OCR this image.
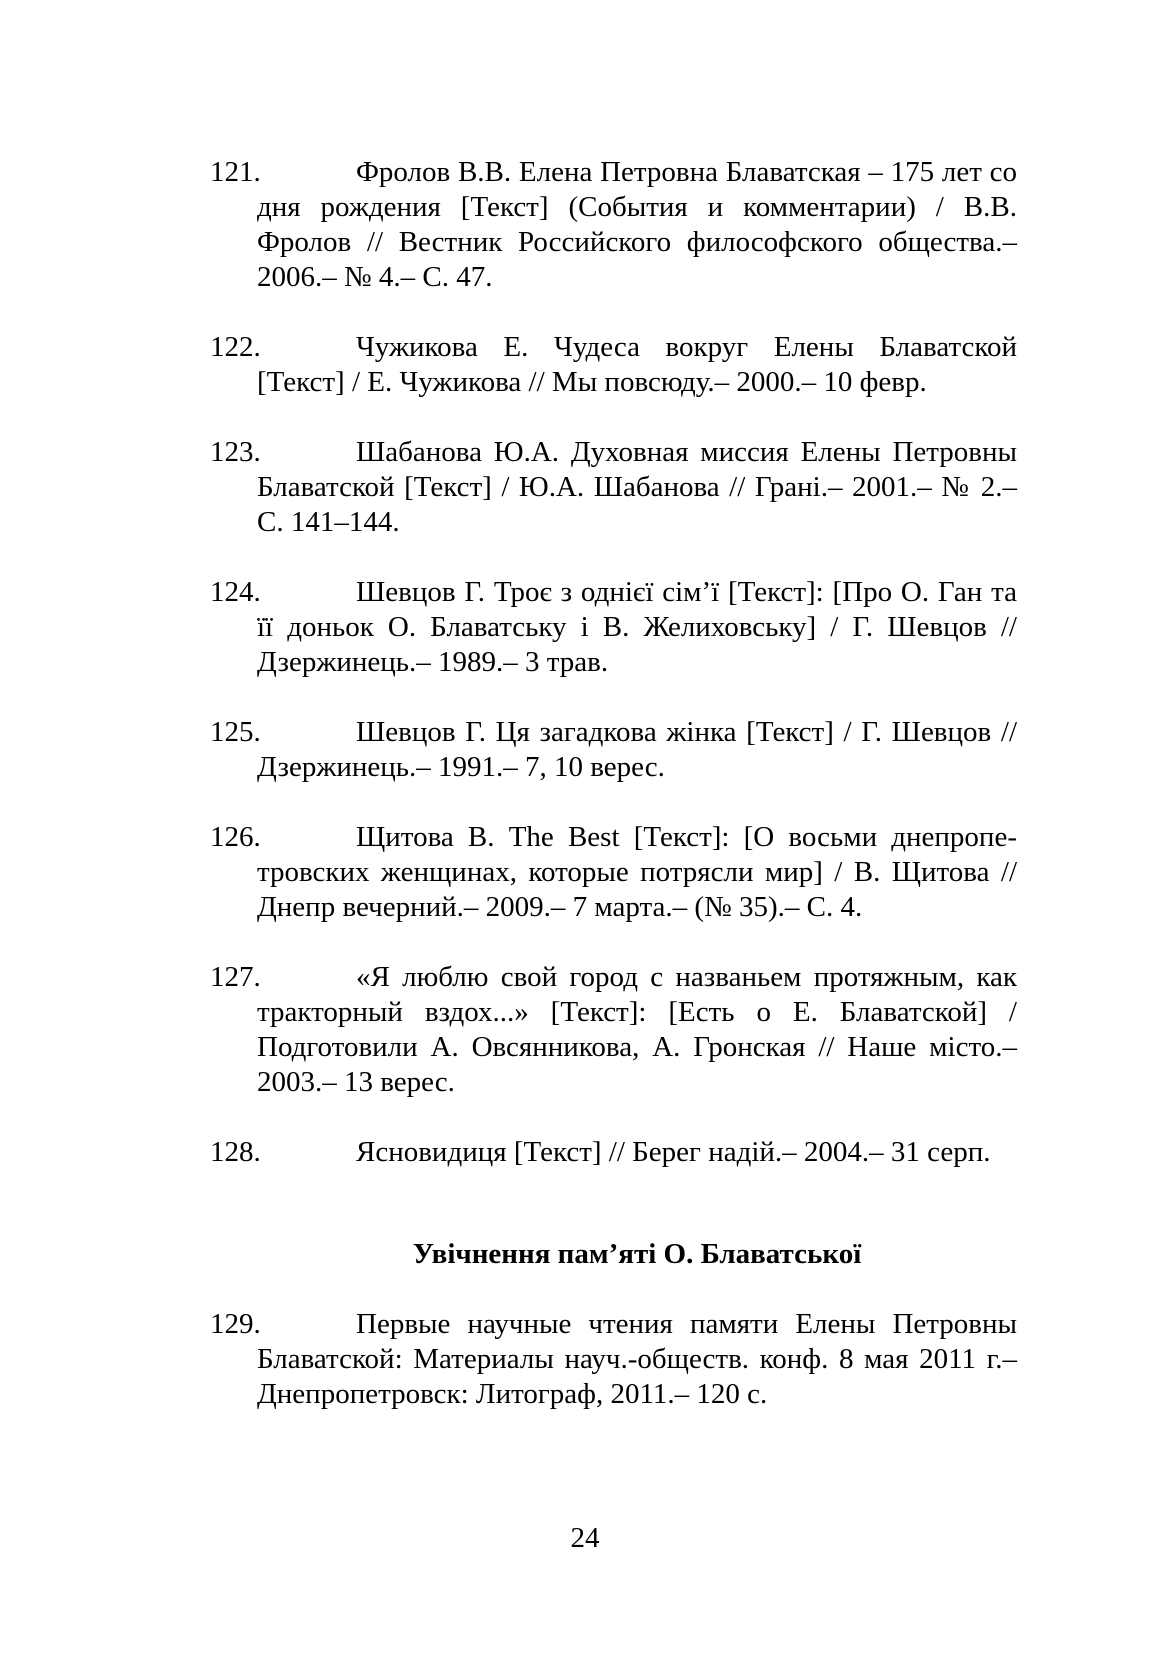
121.	Фролов В.В. Елена Петровна Блаватская – 175 лет со дня рождения [Текст] (События и комментарии) / В.В. Фролов // Вестник Российского философского общества.– 2006.– № 4.– С. 47.
122.	Чужикова Е. Чудеса вокруг Елены Блаватской [Текст] / Е. Чужикова // Мы повсюду.– 2000.– 10 февр.
123.	Шабанова Ю.А. Духовная миссия Елены Петровны Блаватской [Текст] / Ю.А. Шабанова // Грані.– 2001.– № 2.– С. 141–144.
124.	Шевцов Г. Троє з однієї сім’ї [Текст]: [Про О. Ган та її доньок О. Блаватську і В. Желиховську] / Г. Шевцов // Дзержинець.– 1989.– 3 трав.
125.	Шевцов Г. Ця загадкова жінка [Текст] / Г. Шевцов // Дзержинець.– 1991.– 7, 10 верес.
126.	Щитова В. The Best [Текст]: [О восьми днепропетровских женщинах, которые потрясли мир] / В. Щитова // Днепр вечерний.– 2009.– 7 марта.– (№ 35).– С. 4.
127.	«Я люблю свой город с названьем протяжным, как тракторный вздох...» [Текст]: [Есть о Е. Блаватской] / Подготовили А. Овсянникова, А. Гронская // Наше місто.– 2003.– 13 верес.
128.	Ясновидиця [Текст] // Берег надій.– 2004.– 31 серп.
Увічнення пам’яті О. Блаватської
129.	Первые научные чтения памяти Елены Петровны Блаватской: Материалы науч.-обществ. конф. 8 мая 2011 г.– Днепропетровск: Литограф, 2011.– 120 с.
24
